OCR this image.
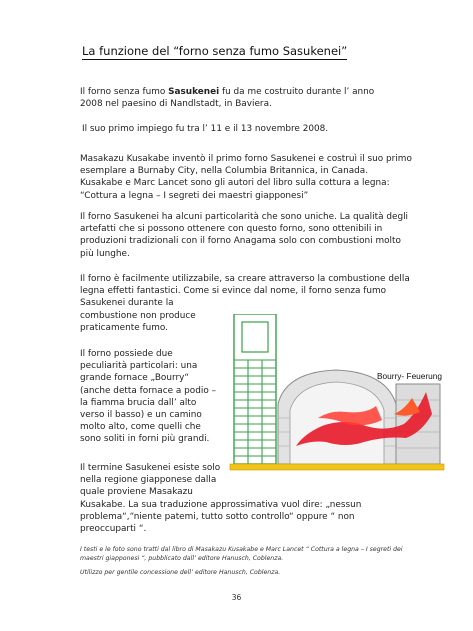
La funzione del “forno senza fumo Sasukenei”

Il forno senza fumo Sasukenei fu da me costruito durante l’ anno
2008 nel paesino di Nandlstadt, in Baviera.

Il suo primo impiego fu tra l’ 11 e il 13 novembre 2008.

Masakazu Kusakabe inventò il primo forno Sasukenei e costruì il suo primo
esemplare a Burnaby City, nella Columbia Britannica, in Canada.
Kusakabe e Marc Lancet sono gli autori del libro sulla cottura a legna:
“Cottura a legna – I segreti dei maestri giapponesi”

Il forno Sasukenei ha alcuni particolarità che sono uniche. La qualità degli
artefatti che si possono ottenere con questo forno, sono ottenibili in
produzioni tradizionali con il forno Anagama solo con combustioni molto
più lunghe.

Il forno è facilmente utilizzabile, sa creare attraverso la combustione della
legna effetti fantastici. Come si evince dal nome, il forno senza fumo
Sasukenei durante la
combustione non produce
praticamente fumo.

Il forno possiede due
peculiarità particolari: una
grande fornace „Bourry“
(anche detta fornace a podio –
la fiamma brucia dall’ alto
verso il basso) e un camino
molto alto, come quelli che
sono soliti in forni più grandi.

Il termine Sasukenei esiste solo
nella regione giapponese dalla
quale proviene Masakazu
Kusakabe. La sua traduzione approssimativa vuol dire: „nessun
problema“,“niente patemi, tutto sotto controllo“ oppure “ non
preoccuparti “.

Bourry- Feuerung

I testi e le foto sono tratti dal libro di Masakazu Kusakabe e Marc Lancet “ Cottura a legna – I segreti dei
maestri giapponesi “, pubblicato dall’ editore Hanusch, Coblenza.

Utilizzo per gentile concessione dell’ editore Hanusch, Coblenza.

36
